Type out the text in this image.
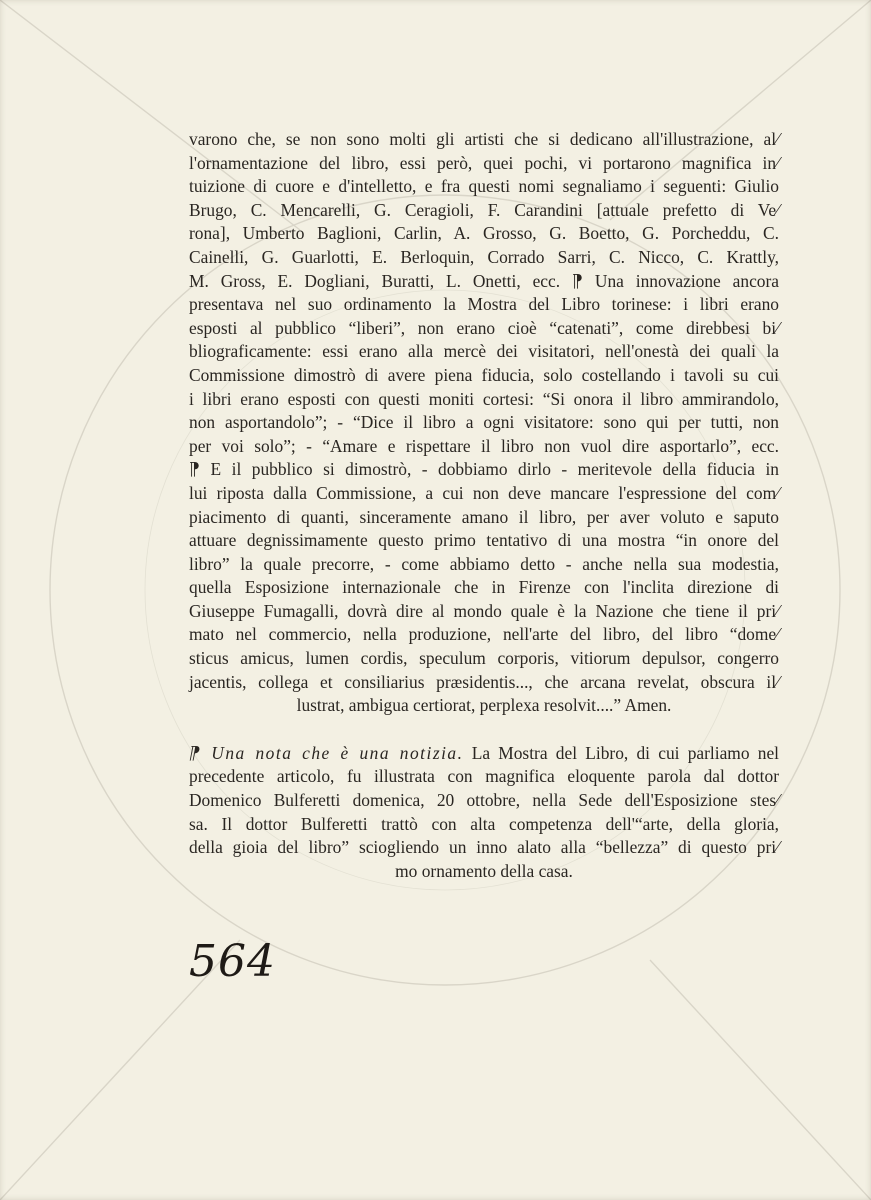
varono che, se non sono molti gli artisti che si dedicano all'illustrazione, al⁄
l'ornamentazione del libro, essi però, quei pochi, vi portarono magnifica in⁄
tuizione di cuore e d'intelletto, e fra questi nomi segnaliamo i seguenti: Giulio
Brugo, C. Mencarelli, G. Ceragioli, F. Carandini [attuale prefetto di Ve⁄
rona], Umberto Baglioni, Carlin, A. Grosso, G. Boetto, G. Porcheddu, C.
Cainelli, G. Guarlotti, E. Berloquin, Corrado Sarri, C. Nicco, C. Krattly,
M. Gross, E. Dogliani, Buratti, L. Onetti, ecc. ⁋ Una innovazione ancora
presentava nel suo ordinamento la Mostra del Libro torinese: i libri erano
esposti al pubblico “liberi”, non erano cioè “catenati”, come direbbesi bi⁄
bliograficamente: essi erano alla mercè dei visitatori, nell'onestà dei quali la
Commissione dimostrò di avere piena fiducia, solo costellando i tavoli su cui
i libri erano esposti con questi moniti cortesi: “Si onora il libro ammirandolo,
non asportandolo”; - “Dice il libro a ogni visitatore: sono qui per tutti, non
per voi solo”; - “Amare e rispettare il libro non vuol dire asportarlo”, ecc.
⁋ E il pubblico si dimostrò, - dobbiamo dirlo - meritevole della fiducia in
lui riposta dalla Commissione, a cui non deve mancare l'espressione del com⁄
piacimento di quanti, sinceramente amano il libro, per aver voluto e saputo
attuare degnissimamente questo primo tentativo di una mostra “in onore del
libro” la quale precorre, - come abbiamo detto - anche nella sua modestia,
quella Esposizione internazionale che in Firenze con l'inclita direzione di
Giuseppe Fumagalli, dovrà dire al mondo quale è la Nazione che tiene il pri⁄
mato nel commercio, nella produzione, nell'arte del libro, del libro “dome⁄
sticus amicus, lumen cordis, speculum corporis, vitiorum depulsor, congerro
jacentis, collega et consiliarius præsidentis..., che arcana revelat, obscura il⁄
lustrat, ambigua certiorat, perplexa resolvit....” Amen.
⁋ Una nota che è una notizia. La Mostra del Libro, di cui parliamo nel
precedente articolo, fu illustrata con magnifica eloquente parola dal dottor
Domenico Bulferetti domenica, 20 ottobre, nella Sede dell'Esposizione stes⁄
sa. Il dottor Bulferetti trattò con alta competenza dell'“arte, della gloria,
della gioia del libro” sciogliendo un inno alato alla “bellezza” di questo pri⁄
mo ornamento della casa.
564
